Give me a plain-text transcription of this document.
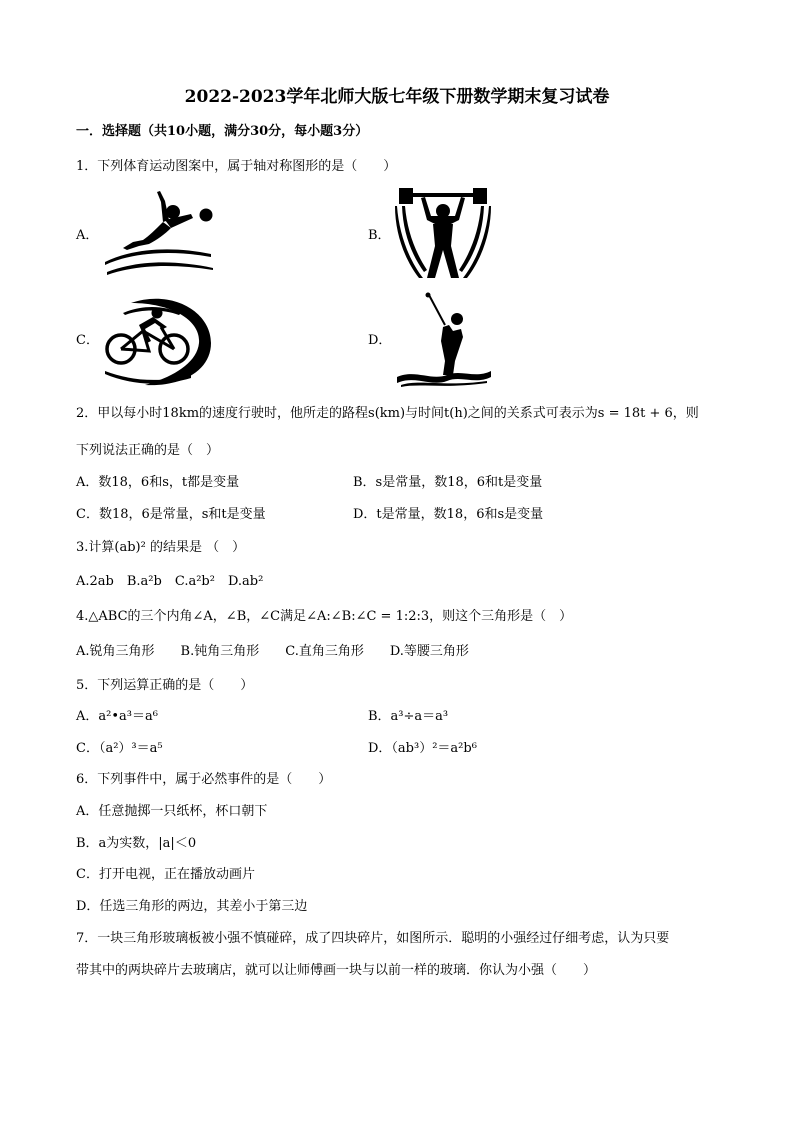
2022-2023学年北师大版七年级下册数学期末复习试卷
一．选择题（共10小题，满分30分，每小题3分）
1．下列体育运动图案中，属于轴对称图形的是（　　）
A．	B．
C．	D．
2．甲以每小时18km的速度行驶时，他所走的路程s(km)与时间t(h)之间的关系式可表示为s = 18t + 6，则
下列说法正确的是（　）
A．数18，6和s，t都是变量	B．s是常量，数18，6和t是变量
C．数18，6是常量，s和t是变量	D．t是常量，数18，6和s是变量
3.计算(ab)² 的结果是 （　）
A.2ab　B.a²b　C.a²b²　D.ab²
4.△ABC的三个内角∠A，∠B，∠C满足∠A:∠B:∠C = 1:2:3，则这个三角形是（　）
A.锐角三角形　　B.钝角三角形　　C.直角三角形　　D.等腰三角形
5．下列运算正确的是（　　）
A．a²•a³＝a⁶	B．a³÷a＝a³
C．（a²）³＝a⁵	D．（ab³）²＝a²b⁶
6．下列事件中，属于必然事件的是（　　）
A．任意抛掷一只纸杯，杯口朝下
B．a为实数，|a|＜0
C．打开电视，正在播放动画片
D．任选三角形的两边，其差小于第三边
7．一块三角形玻璃板被小强不慎碰碎，成了四块碎片，如图所示．聪明的小强经过仔细考虑，认为只要
带其中的两块碎片去玻璃店，就可以让师傅画一块与以前一样的玻璃．你认为小强（　　）
